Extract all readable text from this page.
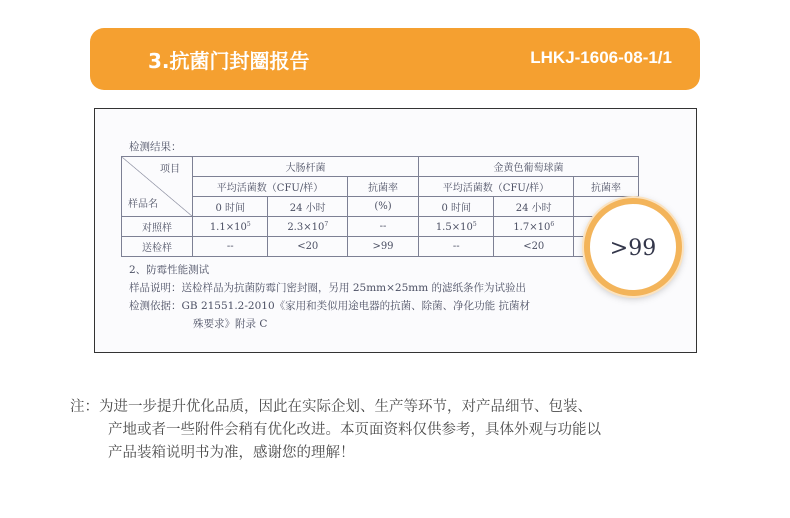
3.抗菌门封圈报告	LHKJ-1606-08-1/1
检测结果：
项目
样品名	大肠杆菌			金黄色葡萄球菌		
	平均活菌数（CFU/样）		抗菌率	平均活菌数（CFU/样）		抗菌率
	0 时间	24 小时	(%)	0 时间	24 小时	
对照样	$1.1\times 10^5$	$2.3\times 10^7$	--	$1.5\times 10^5$	$1.7\times 10^6$	
送检样	--	<20	>99	--	<20	
2、防霉性能测试
样品说明：送检样品为抗菌防霉门密封圈，另用 25mm×25mm 的滤纸条作为试验出
检测依据：GB 21551.2-2010《家用和类似用途电器的抗菌、除菌、净化功能 抗菌材
殊要求》附录 C
>99
注：为进一步提升优化品质，因此在实际企划、生产等环节，对产品细节、包装、
产地或者一些附件会稍有优化改进。本页面资料仅供参考，具体外观与功能以
产品装箱说明书为准，感谢您的理解！
